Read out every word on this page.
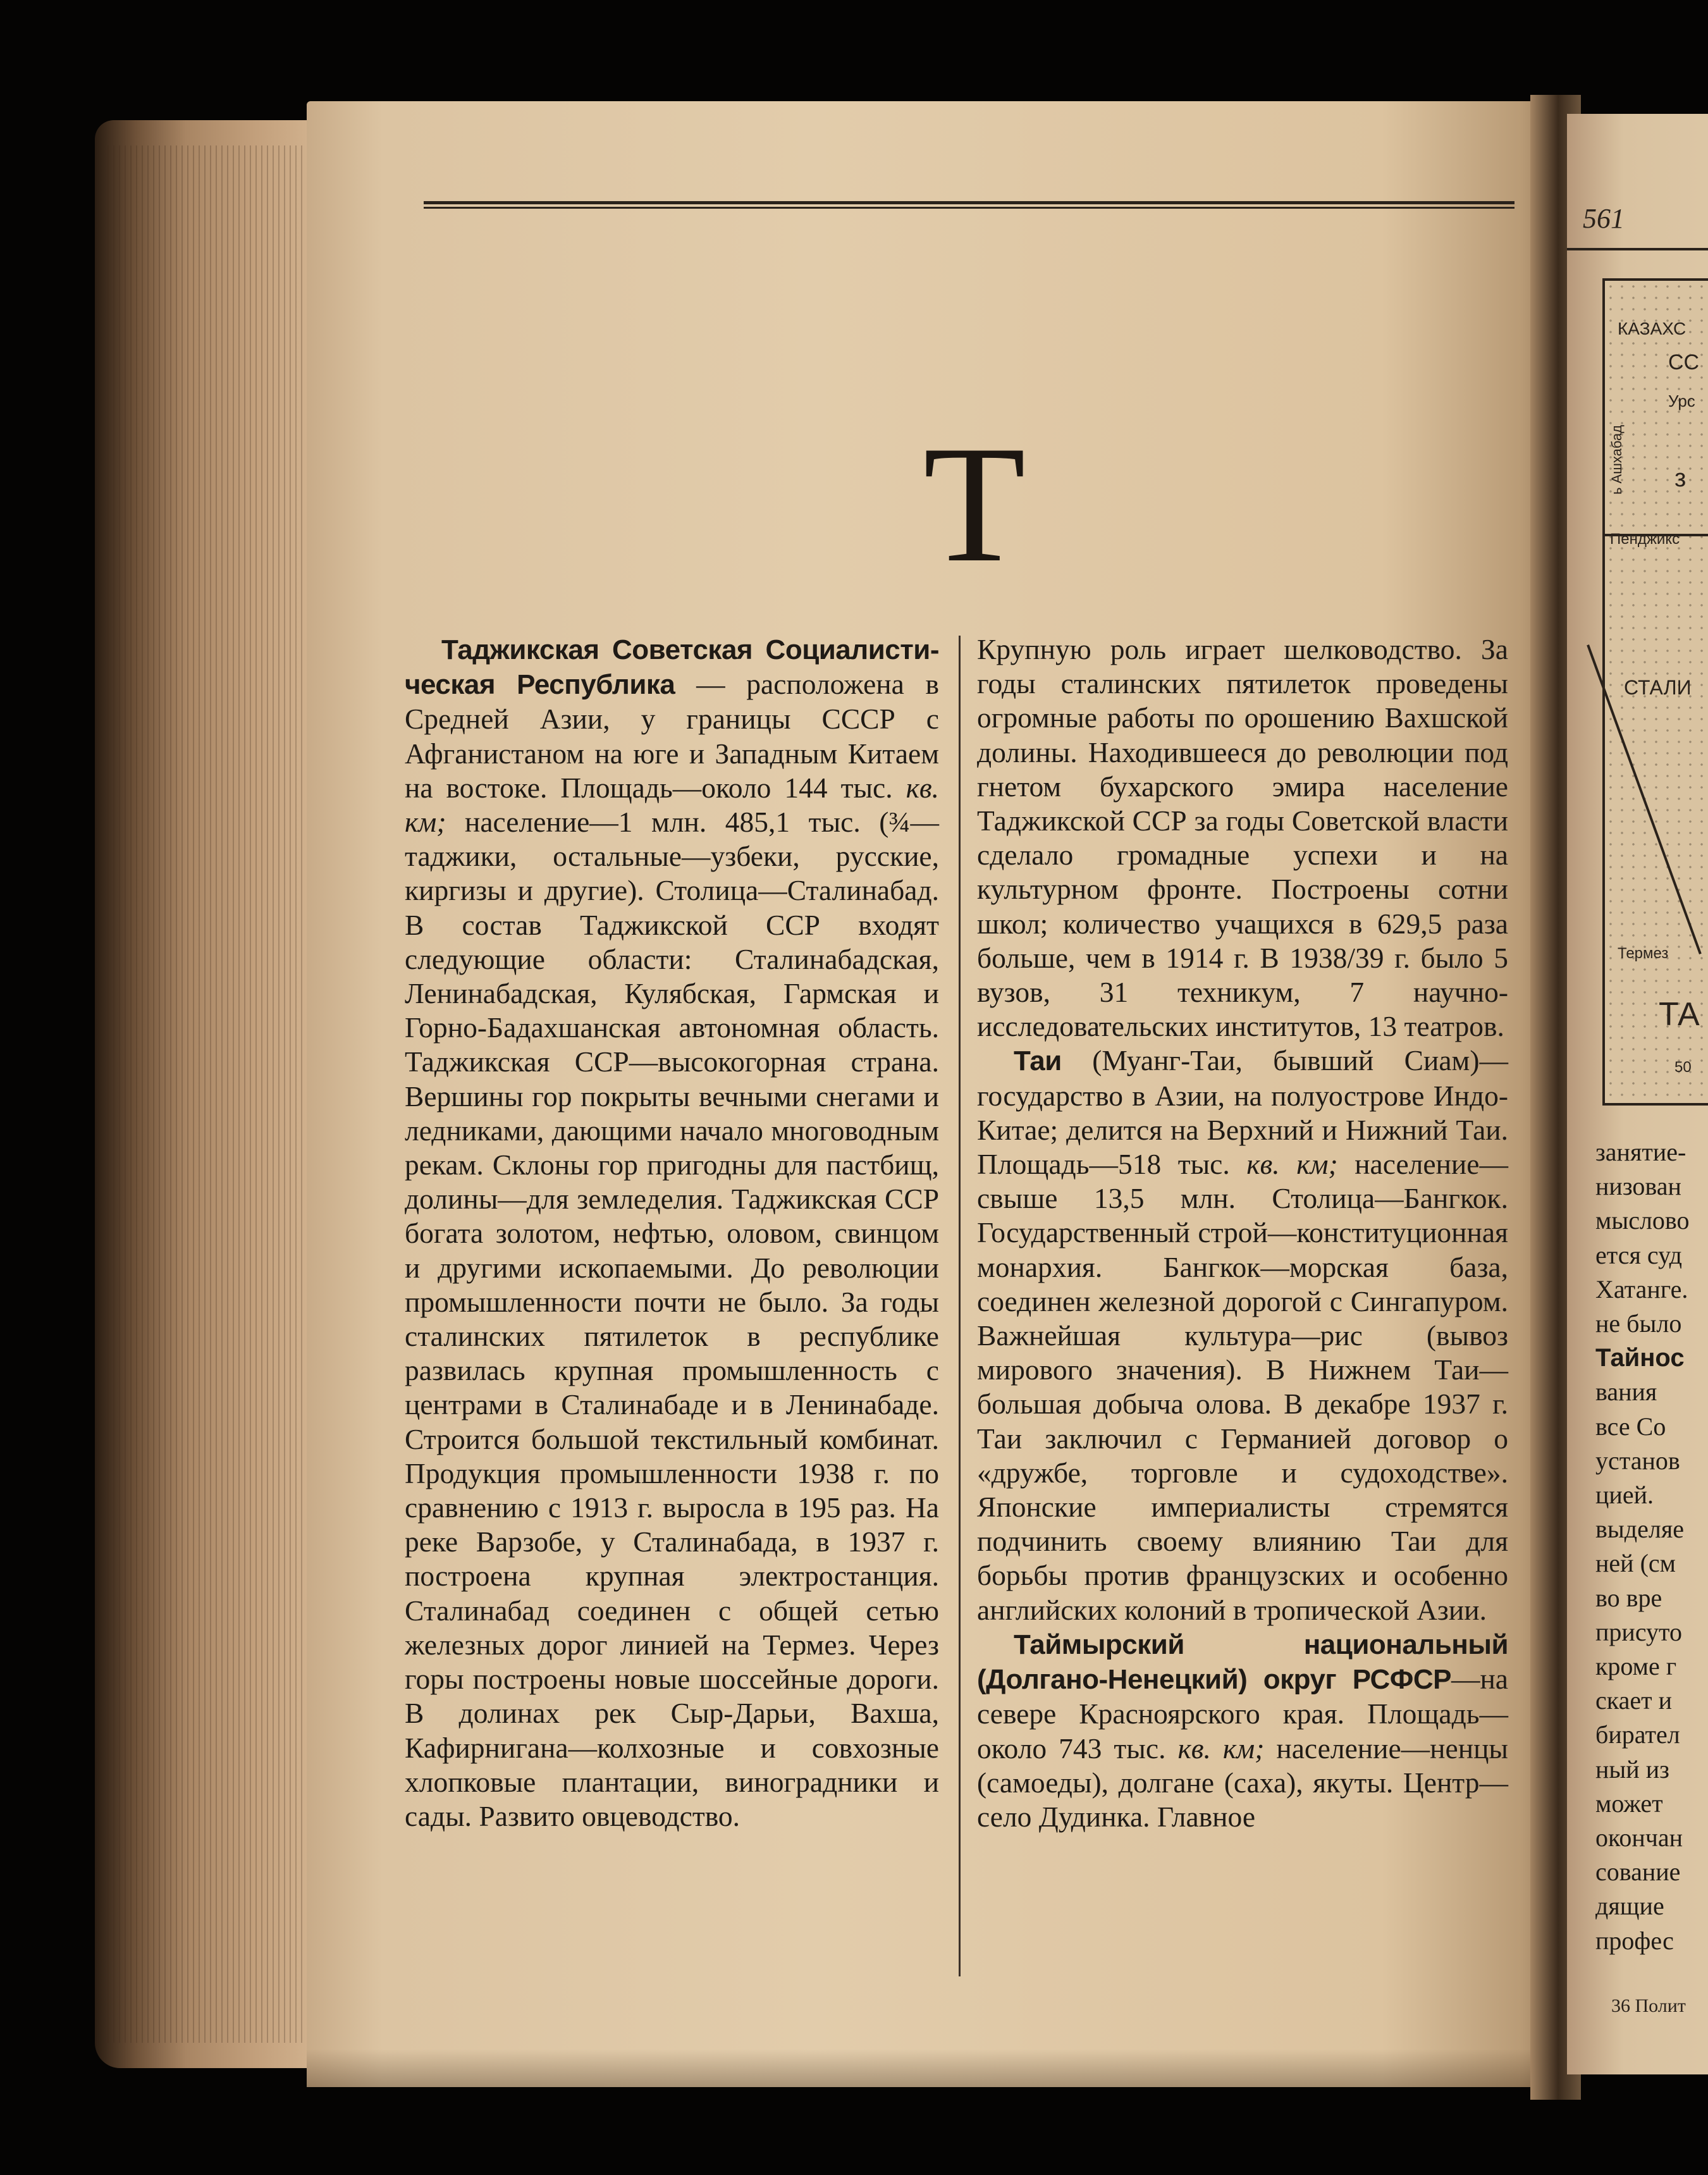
561
КАЗАХС
СС
Урс
з
ь Ашхабад
Пенджикс
СТАЛИ
Термез
ТА
50
занятие-
низован
мыслово
ется суд
Хатанге.
не было
Тайнос
вания
все Со
установ
цией.
выделяе
ней (см
во вре
присуто
кроме г
скает и
бирател
ный из
может
окончан
сование
дящие
профес
36 Полит
Т

Таджикская Советская Социалисти-ческая Республика — расположена в Средней Азии, у границы СССР с Афганистаном на юге и Западным Китаем на востоке. Площадь—около 144 тыс. кв. км; население—1 млн. 485,1 тыс. (¾—таджики, остальные—узбеки, русские, киргизы и другие). Столица—Сталинабад. В состав Таджикской ССР входят следующие области: Сталинабадская, Ленинабадская, Кулябская, Гармская и Горно-Бадахшанская автономная область. Таджикская ССР—высокогорная страна. Вершины гор покрыты вечными снегами и ледниками, дающими начало многоводным рекам. Склоны гор пригодны для пастбищ, долины—для земледелия. Таджикская ССР богата золотом, нефтью, оловом, свинцом и другими ископаемыми. До революции промышленности почти не было. За годы сталинских пятилеток в республике развилась крупная промышленность с центрами в Сталинабаде и в Ленинабаде. Строится большой текстильный комбинат. Продукция промышленности 1938 г. по сравнению с 1913 г. выросла в 195 раз. На реке Варзобе, у Сталинабада, в 1937 г. построена крупная электростанция. Сталинабад соединен с общей сетью железных дорог линией на Термез. Через горы построены новые шоссейные дороги. В долинах рек Сыр-Дарьи, Вахша, Кафирнигана—колхозные и совхозные хлопковые плантации, виноградники и сады. Развито овцеводство.

Крупную роль играет шелководство. За годы сталинских пятилеток проведены огромные работы по орошению Вахшской долины. Находившееся до революции под гнетом бухарского эмира население Таджикской ССР за годы Советской власти сделало громадные успехи и на культурном фронте. Построены сотни школ; количество учащихся в 629,5 раза больше, чем в 1914 г. В 1938/39 г. было 5 вузов, 31 техникум, 7 научно-исследовательских институтов, 13 театров.

Таи (Муанг-Таи, бывший Сиам)—государство в Азии, на полуострове Индо-Китае; делится на Верхний и Нижний Таи. Площадь—518 тыс. кв. км; население—свыше 13,5 млн. Столица—Бангкок. Государственный строй—конституционная монархия. Бангкок—морская база, соединен железной дорогой с Сингапуром. Важнейшая культура—рис (вывоз мирового значения). В Нижнем Таи—большая добыча олова. В декабре 1937 г. Таи заключил с Германией договор о «дружбе, торговле и судоходстве». Японские империалисты стремятся подчинить своему влиянию Таи для борьбы против французских и особенно английских колоний в тропической Азии.

Таймырский национальный (Долгано-Ненецкий) округ РСФСР—на севере Красноярского края. Площадь—около 743 тыс. кв. км; население—ненцы (самоеды), долгане (саха), якуты. Центр—село Дудинка. Главное
